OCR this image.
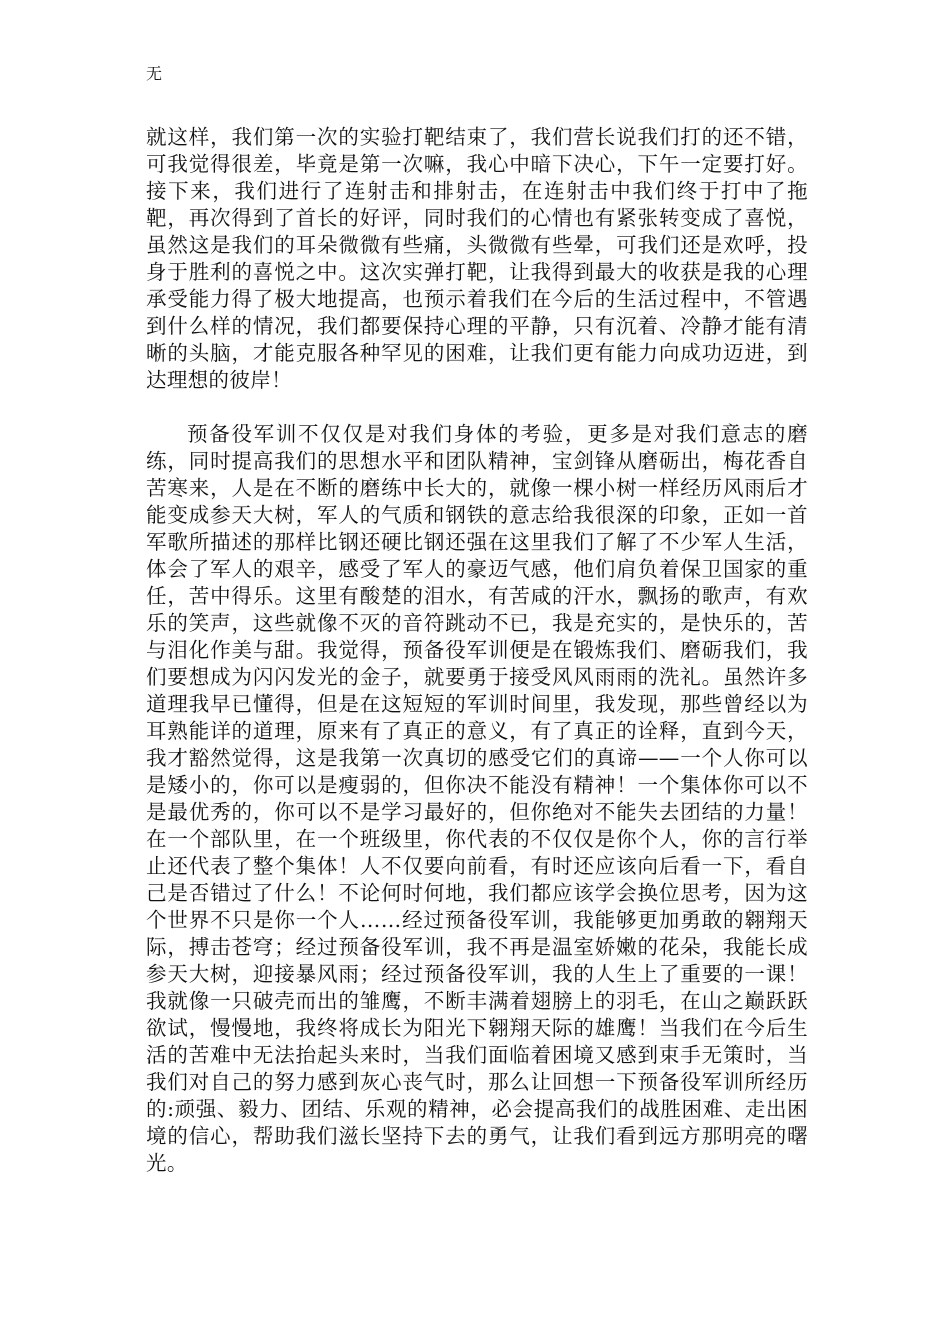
无

就这样，我们第一次的实验打靶结束了，我们营长说我们打的还不错，可我觉得很差，毕竟是第一次嘛，我心中暗下决心，下午一定要打好。接下来，我们进行了连射击和排射击，在连射击中我们终于打中了拖靶，再次得到了首长的好评，同时我们的心情也有紧张转变成了喜悦，虽然这是我们的耳朵微微有些痛，头微微有些晕，可我们还是欢呼，投身于胜利的喜悦之中。这次实弹打靶，让我得到最大的收获是我的心理承受能力得了极大地提高，也预示着我们在今后的生活过程中，不管遇到什么样的情况，我们都要保持心理的平静，只有沉着、冷静才能有清晰的头脑，才能克服各种罕见的困难，让我们更有能力向成功迈进，到达理想的彼岸！

预备役军训不仅仅是对我们身体的考验，更多是对我们意志的磨练，同时提高我们的思想水平和团队精神，宝剑锋从磨砺出，梅花香自苦寒来，人是在不断的磨练中长大的，就像一棵小树一样经历风雨后才能变成参天大树，军人的气质和钢铁的意志给我很深的印象，正如一首军歌所描述的那样比钢还硬比钢还强在这里我们了解了不少军人生活，体会了军人的艰辛，感受了军人的豪迈气感，他们肩负着保卫国家的重任，苦中得乐。这里有酸楚的泪水，有苦咸的汗水，飘扬的歌声，有欢乐的笑声，这些就像不灭的音符跳动不已，我是充实的，是快乐的，苦与泪化作美与甜。我觉得，预备役军训便是在锻炼我们、磨砺我们，我们要想成为闪闪发光的金子，就要勇于接受风风雨雨的洗礼。虽然许多道理我早已懂得，但是在这短短的军训时间里，我发现，那些曾经以为耳熟能详的道理，原来有了真正的意义，有了真正的诠释，直到今天，我才豁然觉得，这是我第一次真切的感受它们的真谛——一个人你可以是矮小的，你可以是瘦弱的，但你决不能没有精神！一个集体你可以不是最优秀的，你可以不是学习最好的，但你绝对不能失去团结的力量！在一个部队里，在一个班级里，你代表的不仅仅是你个人，你的言行举止还代表了整个集体！人不仅要向前看，有时还应该向后看一下，看自己是否错过了什么！不论何时何地，我们都应该学会换位思考，因为这个世界不只是你一个人……经过预备役军训，我能够更加勇敢的翱翔天际，搏击苍穹；经过预备役军训，我不再是温室娇嫩的花朵，我能长成参天大树，迎接暴风雨；经过预备役军训，我的人生上了重要的一课！我就像一只破壳而出的雏鹰，不断丰满着翅膀上的羽毛，在山之巅跃跃欲试，慢慢地，我终将成长为阳光下翱翔天际的雄鹰！当我们在今后生活的苦难中无法抬起头来时，当我们面临着困境又感到束手无策时，当我们对自己的努力感到灰心丧气时，那么让回想一下预备役军训所经历的:顽强、毅力、团结、乐观的精神，必会提高我们的战胜困难、走出困境的信心，帮助我们滋长坚持下去的勇气，让我们看到远方那明亮的曙光。
